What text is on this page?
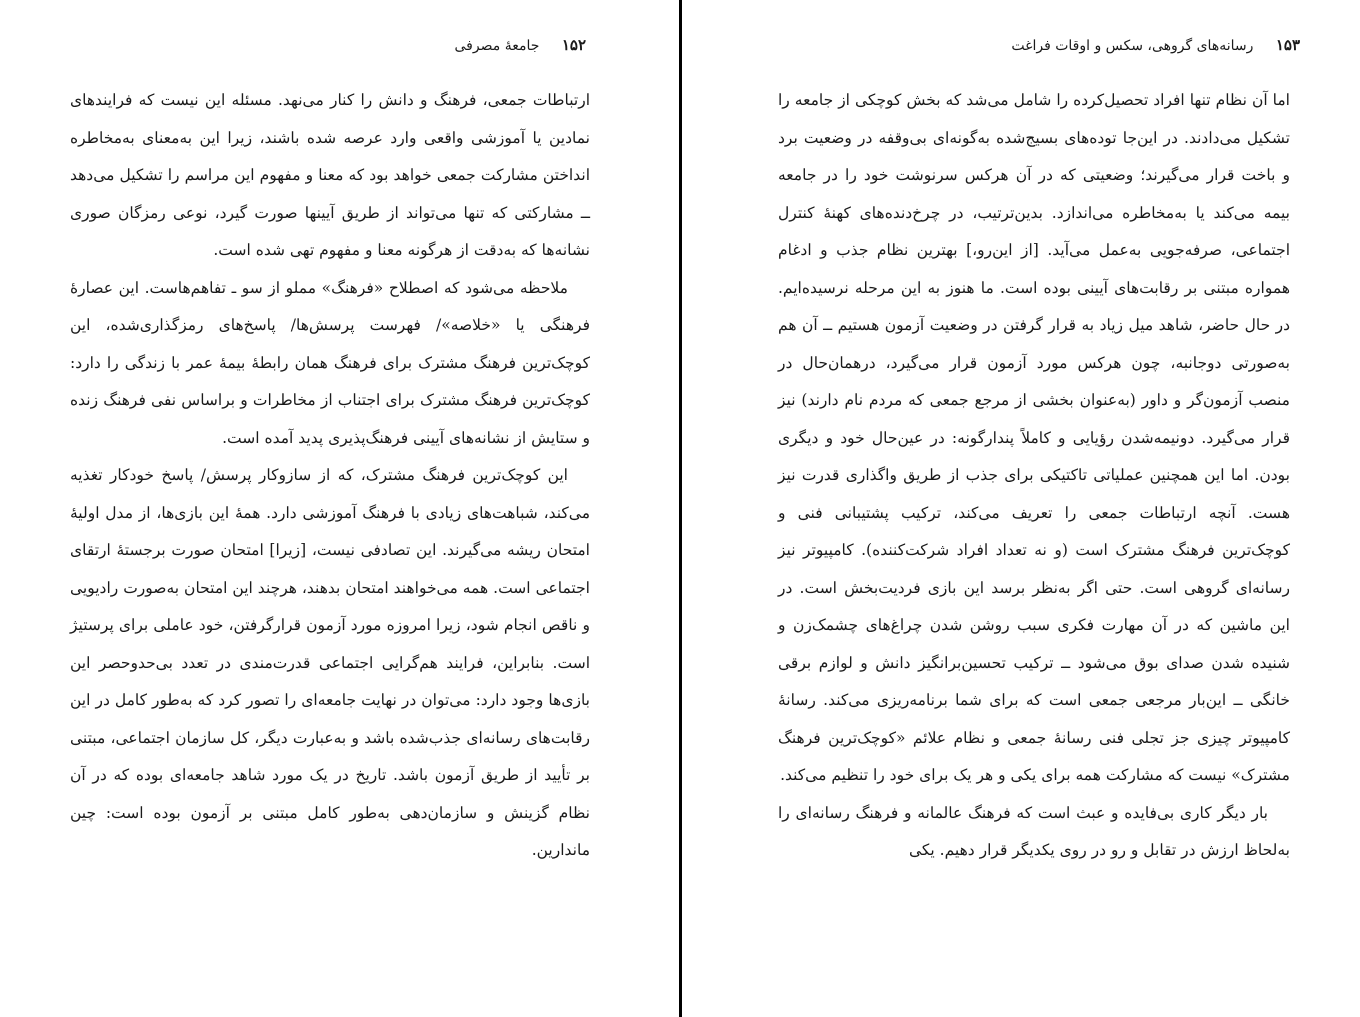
۱۵۲ جامعهٔ مصرفی

ارتباطات جمعی، فرهنگ و دانش را کنار می‌نهد. مسئله این نیست که فرایندهای نمادین یا آموزشی واقعی وارد عرصه شده باشند، زیرا این به‌معنای به‌مخاطره انداختن مشارکت جمعی خواهد بود که معنا و مفهوم این مراسم را تشکیل می‌دهد ــ مشارکتی که تنها می‌تواند از طریق آیینها صورت گیرد، نوعی رمزگان صوری نشانه‌ها که به‌دقت از هرگونه معنا و مفهوم تهی شده است.

ملاحظه می‌شود که اصطلاح «فرهنگ» مملو از سو ـ تفاهم‌هاست. این عصارهٔ فرهنگی یا «خلاصه»/ فهرست پرسش‌ها/ پاسخ‌های رمزگذاری‌شده، این کوچک‌ترین فرهنگ مشترک برای فرهنگ همان رابطهٔ بیمهٔ عمر با زندگی را دارد: کوچک‌ترین فرهنگ مشترک برای اجتناب از مخاطرات و براساس نفی فرهنگ زنده و ستایش از نشانه‌های آیینی فرهنگ‌پذیری پدید آمده است.

این کوچک‌ترین فرهنگ مشترک، که از سازوکار پرسش/ پاسخ خودکار تغذیه می‌کند، شباهت‌های زیادی با فرهنگ آموزشی دارد. همهٔ این بازی‌ها، از مدل اولیهٔ امتحان ریشه می‌گیرند. این تصادفی نیست، [زیرا] امتحان صورت برجستهٔ ارتقای اجتماعی است. همه می‌خواهند امتحان بدهند، هرچند این امتحان به‌صورت رادیویی و ناقص انجام شود، زیرا امروزه مورد آزمون قرارگرفتن، خود عاملی برای پرستیژ است. بنابراین، فرایند هم‌گرایی اجتماعی قدرت‌مندی در تعدد بی‌حدوحصر این بازی‌ها وجود دارد: می‌توان در نهایت جامعه‌ای را تصور کرد که به‌طور کامل در این رقابت‌های رسانه‌ای جذب‌شده باشد و به‌عبارت دیگر، کل سازمان اجتماعی، مبتنی بر تأیید از طریق آزمون باشد. تاریخ در یک مورد شاهد جامعه‌ای بوده که در آن نظام گزینش و سازمان‌دهی به‌طور کامل مبتنی بر آزمون بوده است: چین ماندارین.

۱۵۳ رسانه‌های گروهی، سکس و اوقات فراغت

اما آن نظام تنها افراد تحصیل‌کرده را شامل می‌شد که بخش کوچکی از جامعه را تشکیل می‌دادند. در این‌جا توده‌های بسیج‌شده به‌گونه‌ای بی‌وقفه در وضعیت برد و باخت قرار می‌گیرند؛ وضعیتی که در آن هرکس سرنوشت خود را در جامعه بیمه می‌کند یا به‌مخاطره می‌اندازد. بدین‌ترتیب، در چرخ‌دنده‌های کهنهٔ کنترل اجتماعی، صرفه‌جویی به‌عمل می‌آید. [از این‌رو،] بهترین نظام جذب و ادغام همواره مبتنی بر رقابت‌های آیینی بوده است. ما هنوز به این مرحله نرسیده‌ایم. در حال حاضر، شاهد میل زیاد به قرار گرفتن در وضعیت آزمون هستیم ــ آن هم به‌صورتی دوجانبه، چون هرکس مورد آزمون قرار می‌گیرد، درهمان‌حال در منصب آزمون‌گر و داور (به‌عنوان بخشی از مرجع جمعی که مردم نام دارند) نیز قرار می‌گیرد. دونیمه‌شدن رؤیایی و کاملاً پندارگونه: در عین‌حال خود و دیگری بودن. اما این همچنین عملیاتی تاکتیکی برای جذب از طریق واگذاری قدرت نیز هست. آنچه ارتباطات جمعی را تعریف می‌کند، ترکیب پشتیبانی فنی و کوچک‌ترین فرهنگ مشترک است (و نه تعداد افراد شرکت‌کننده). کامپیوتر نیز رسانه‌ای گروهی است. حتی اگر به‌نظر برسد این بازی فردیت‌بخش است. در این ماشین که در آن مهارت فکری سبب روشن شدن چراغ‌های چشمک‌زن و شنیده شدن صدای بوق می‌شود ــ ترکیب تحسین‌برانگیز دانش و لوازم برقی خانگی ــ این‌بار مرجعی جمعی است که برای شما برنامه‌ریزی می‌کند. رسانهٔ کامپیوتر چیزی جز تجلی فنی رسانهٔ جمعی و نظام علائم «کوچک‌ترین فرهنگ مشترک» نیست که مشارکت همه برای یکی و هر یک برای خود را تنظیم می‌کند.

بار دیگر کاری بی‌فایده و عبث است که فرهنگ عالمانه و فرهنگ رسانه‌ای را به‌لحاظ ارزش در تقابل و رو در روی یکدیگر قرار دهیم. یکی
